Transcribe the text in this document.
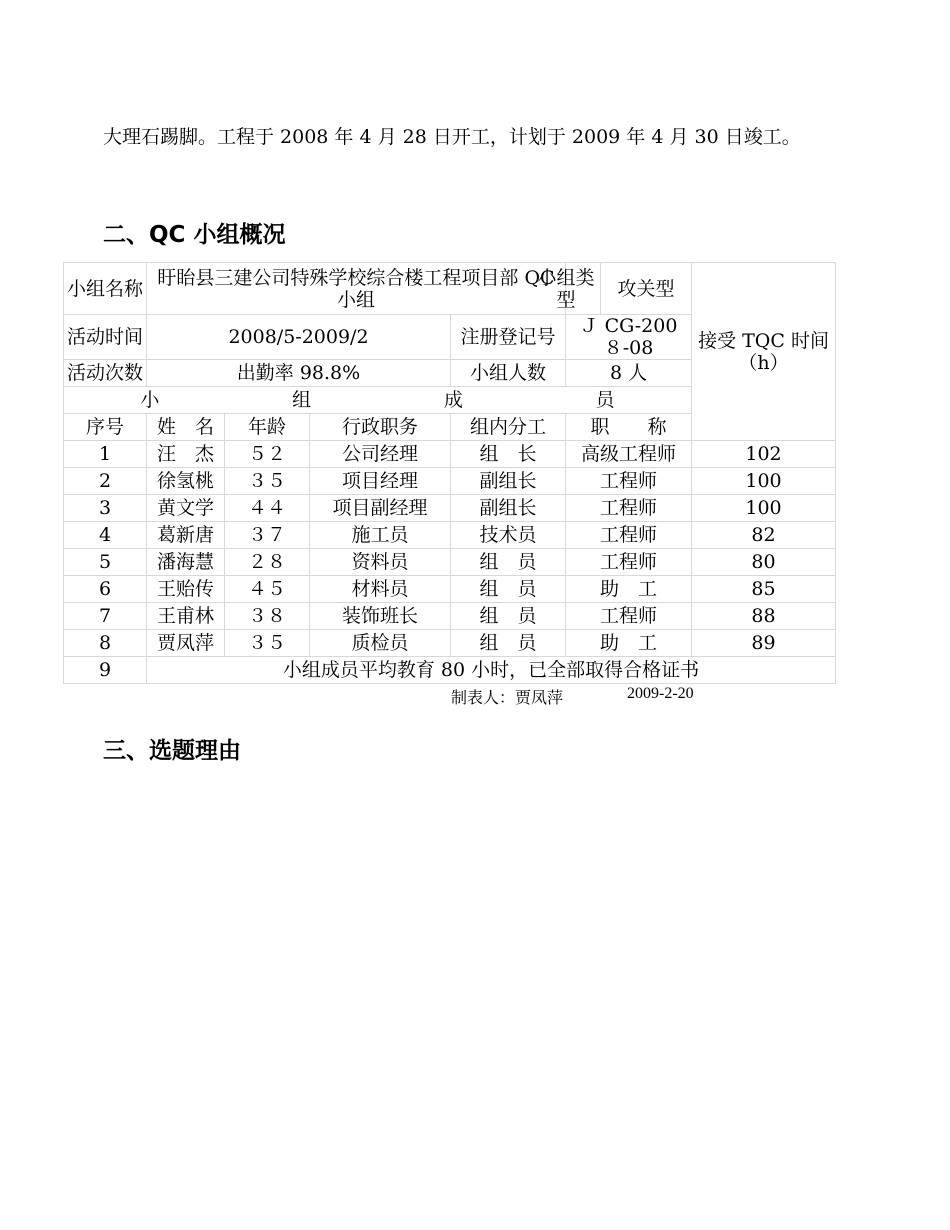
大理石踢脚。工程于 2008 年 4 月 28 日开工，计划于 2009 年 4 月 30 日竣工。
二、QC 小组概况
小组名称	盱眙县三建公司特殊学校综合楼工程项目部 QC 小组				小组类型	攻关型	接受 TQC 时间（h）
活动时间	2008/5-2009/2			注册登记号	Ｊ CG-200 ８-08		
活动次数	出勤率 98.8%			小组人数	8 人		

小 组 成 员							

序号	姓　名	年龄	行政职务	组内分工	职　　称		
1	汪　杰	５２	公司经理	组　长	高级工程师		102
2	徐氢桃	３５	项目经理	副组长	工程师		100
3	黄文学	４４	项目副经理	副组长	工程师		100
4	葛新唐	３７	施工员	技术员	工程师		82
5	潘海慧	２８	资料员	组　员	工程师		80
6	王贻传	４５	材料员	组　员	助　工		85
7	王甫林	３８	装饰班长	组　员	工程师		88
8	贾凤萍	３５	质检员	组　员	助　工		89
9	小组成员平均教育 80 小时，已全部取得合格证书						
制表人：贾凤萍	2009-2-20
三、选题理由
